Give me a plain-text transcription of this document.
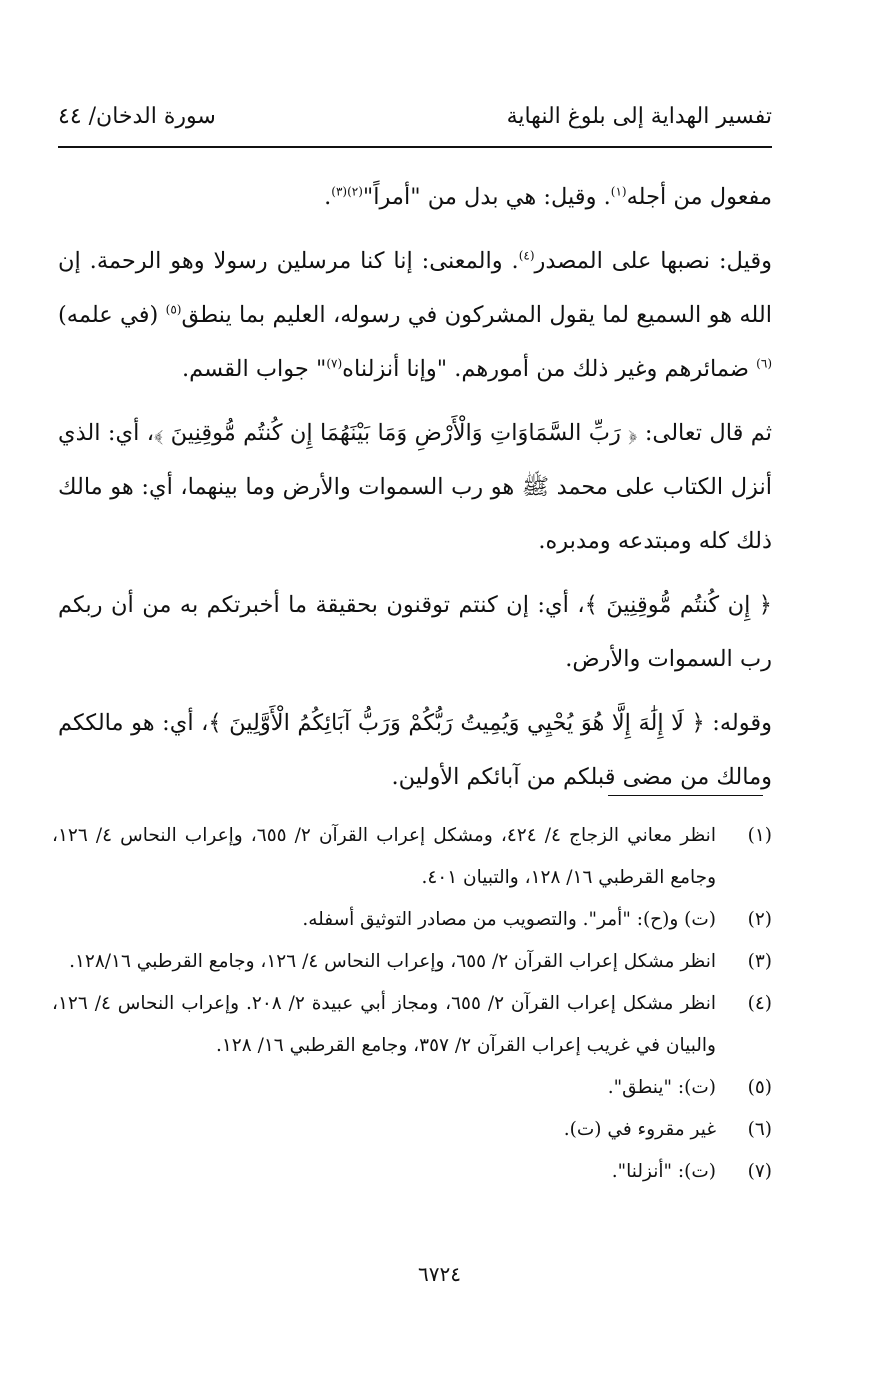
تفسير الهداية إلى بلوغ النهاية
سورة الدخان/ ٤٤

مفعول من أجله$^{(١)}$. وقيل: هي بدل من "أمراً"$^{(٢)(٣)}$.

وقيل: نصبها على المصدر$^{(٤)}$. والمعنى: إنا كنا مرسلين رسولا وهو الرحمة. إن الله هو السميع لما يقول المشركون في رسوله، العليم بما ينطق$^{(٥)}$ (في علمه)$^{(٦)}$ ضمائرهم وغير ذلك من أمورهم. "وإنا أنزلناه$^{(٧)}$" جواب القسم.

ثم قال تعالى: ﴿ رَبِّ السَّمَاوَاتِ وَالْأَرْضِ وَمَا بَيْنَهُمَا إِن كُنتُم مُّوقِنِينَ ﴾، أي: الذي أنزل الكتاب على محمد ﷺ هو رب السموات والأرض وما بينهما، أي: هو مالك ذلك كله ومبتدعه ومدبره.

﴿ إِن كُنتُم مُّوقِنِينَ ﴾، أي: إن كنتم توقنون بحقيقة ما أخبرتكم به من أن ربكم رب السموات والأرض.

وقوله: ﴿ لَا إِلَٰهَ إِلَّا هُوَ يُحْيِي وَيُمِيتُ رَبُّكُمْ وَرَبُّ آبَائِكُمُ الْأَوَّلِينَ ﴾، أي: هو مالككم ومالك من مضى قبلكم من آبائكم الأولين.

(١)
انظر معاني الزجاج ٤/ ٤٢٤، ومشكل إعراب القرآن ٢/ ٦٥٥، وإعراب النحاس ٤/ ١٢٦، وجامع القرطبي ١٦/ ١٢٨، والتبيان ٤٠١.
(٢)
(ت) و(ح): "أمر". والتصويب من مصادر التوثيق أسفله.
(٣)
انظر مشكل إعراب القرآن ٢/ ٦٥٥، وإعراب النحاس ٤/ ١٢٦، وجامع القرطبي ١٢٨/١٦.
(٤)
انظر مشكل إعراب القرآن ٢/ ٦٥٥، ومجاز أبي عبيدة ٢/ ٢٠٨. وإعراب النحاس ٤/ ١٢٦، والبيان في غريب إعراب القرآن ٢/ ٣٥٧، وجامع القرطبي ١٦/ ١٢٨.
(٥)
(ت): "ينطق".
(٦)
غير مقروء في (ت).
(٧)
(ت): "أنزلنا".
٦٧٢٤
